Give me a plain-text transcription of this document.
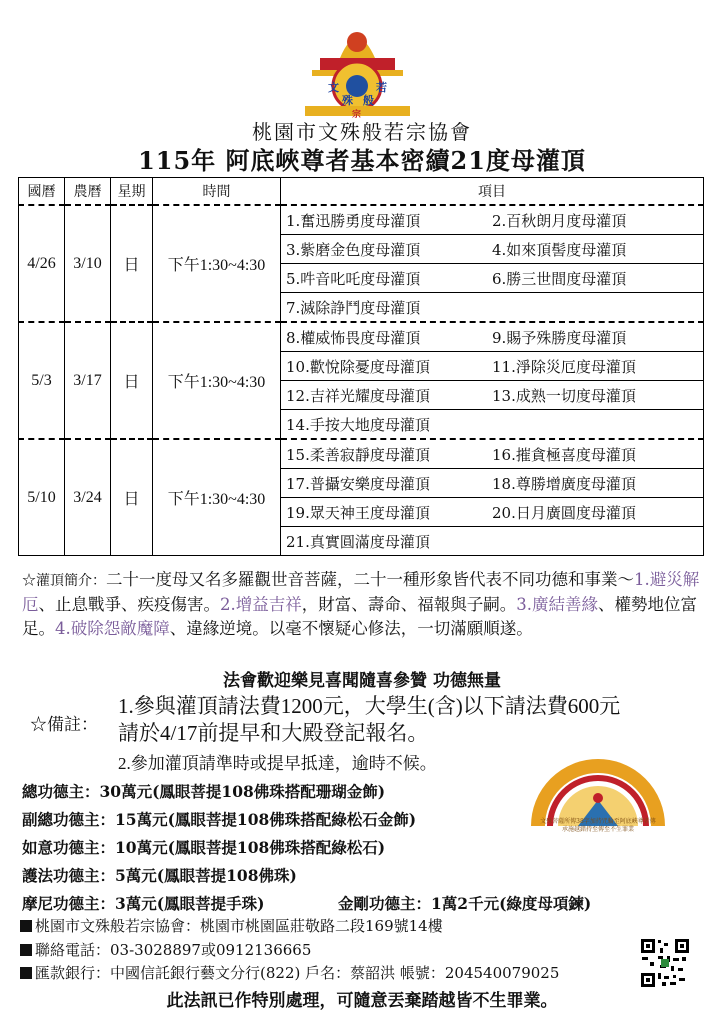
文
殊 般
若
宗
桃園市文殊般若宗協會
115年 阿底峽尊者基本密續21度母灌頂
國曆	農曆	星期	時間	項目
4/26	3/10	日	下午1:30~4:30	1.奮迅勝勇度母灌頂 2.百秋朗月度母灌頂
				3.紫磨金色度母灌頂 4.如來頂髻度母灌頂
				5.吽音叱吒度母灌頂 6.勝三世間度母灌頂
				7.滅除諍鬥度母灌頂
5/3	3/17	日	下午1:30~4:30	8.權威怖畏度母灌頂 9.賜予殊勝度母灌頂
				10.歡悅除憂度母灌頂 11.淨除災厄度母灌頂
				12.吉祥光耀度母灌頂 13.成熟一切度母灌頂
				14.手按大地度母灌頂
5/10	3/24	日	下午1:30~4:30	15.柔善寂靜度母灌頂 16.摧貪極喜度母灌頂
				17.普攝安樂度母灌頂 18.尊勝增廣度母灌頂
				19.眾天神王度母灌頂 20.日月廣圓度母灌頂
				21.真實圓滿度母灌頂
☆灌頂簡介：二十一度母又名多羅觀世音菩薩，二十一種形象皆代表不同功德和事業～1.避災解厄、止息戰爭、疾疫傷害。2.增益吉祥，財富、壽命、福報與子嗣。3.廣結善緣、權勢地位富足。4.破除怨敵魔障、違緣逆境。以毫不懷疑心修法，一切滿願順遂。
法會歡迎樂見喜聞隨喜參贊 功德無量
☆備註：
1.參與灌頂請法費1200元，大學生(含)以下請法費600元
請於4/17前提早和大殿登記報名。
2.參加灌頂請準時或提早抵達，逾時不候。
總功德主：30萬元(鳳眼菩提108佛珠搭配珊瑚金飾)
副總功德主：15萬元(鳳眼菩提108佛珠搭配綠松石金飾)
如意功德主：10萬元(鳳眼菩提108佛珠搭配綠松石)
護法功德主：5萬元(鳳眼菩提108佛珠)
摩尼功德主：3萬元(鳳眼菩提手珠)	金剛功德主：1萬2千元(綠度母項鍊)
文殊菩薩所傳38字加持咒輪至阿底峽尊者傳承施越錯持至傳至不生罪業
桃園市文殊般若宗協會：桃園市桃園區莊敬路二段169號14樓
聯絡電話：03-3028897或0912136665
匯款銀行：中國信託銀行藝文分行(822) 戶名：蔡韶洪 帳號：204540079025
此法訊已作特別處理，可隨意丟棄踏越皆不生罪業。
